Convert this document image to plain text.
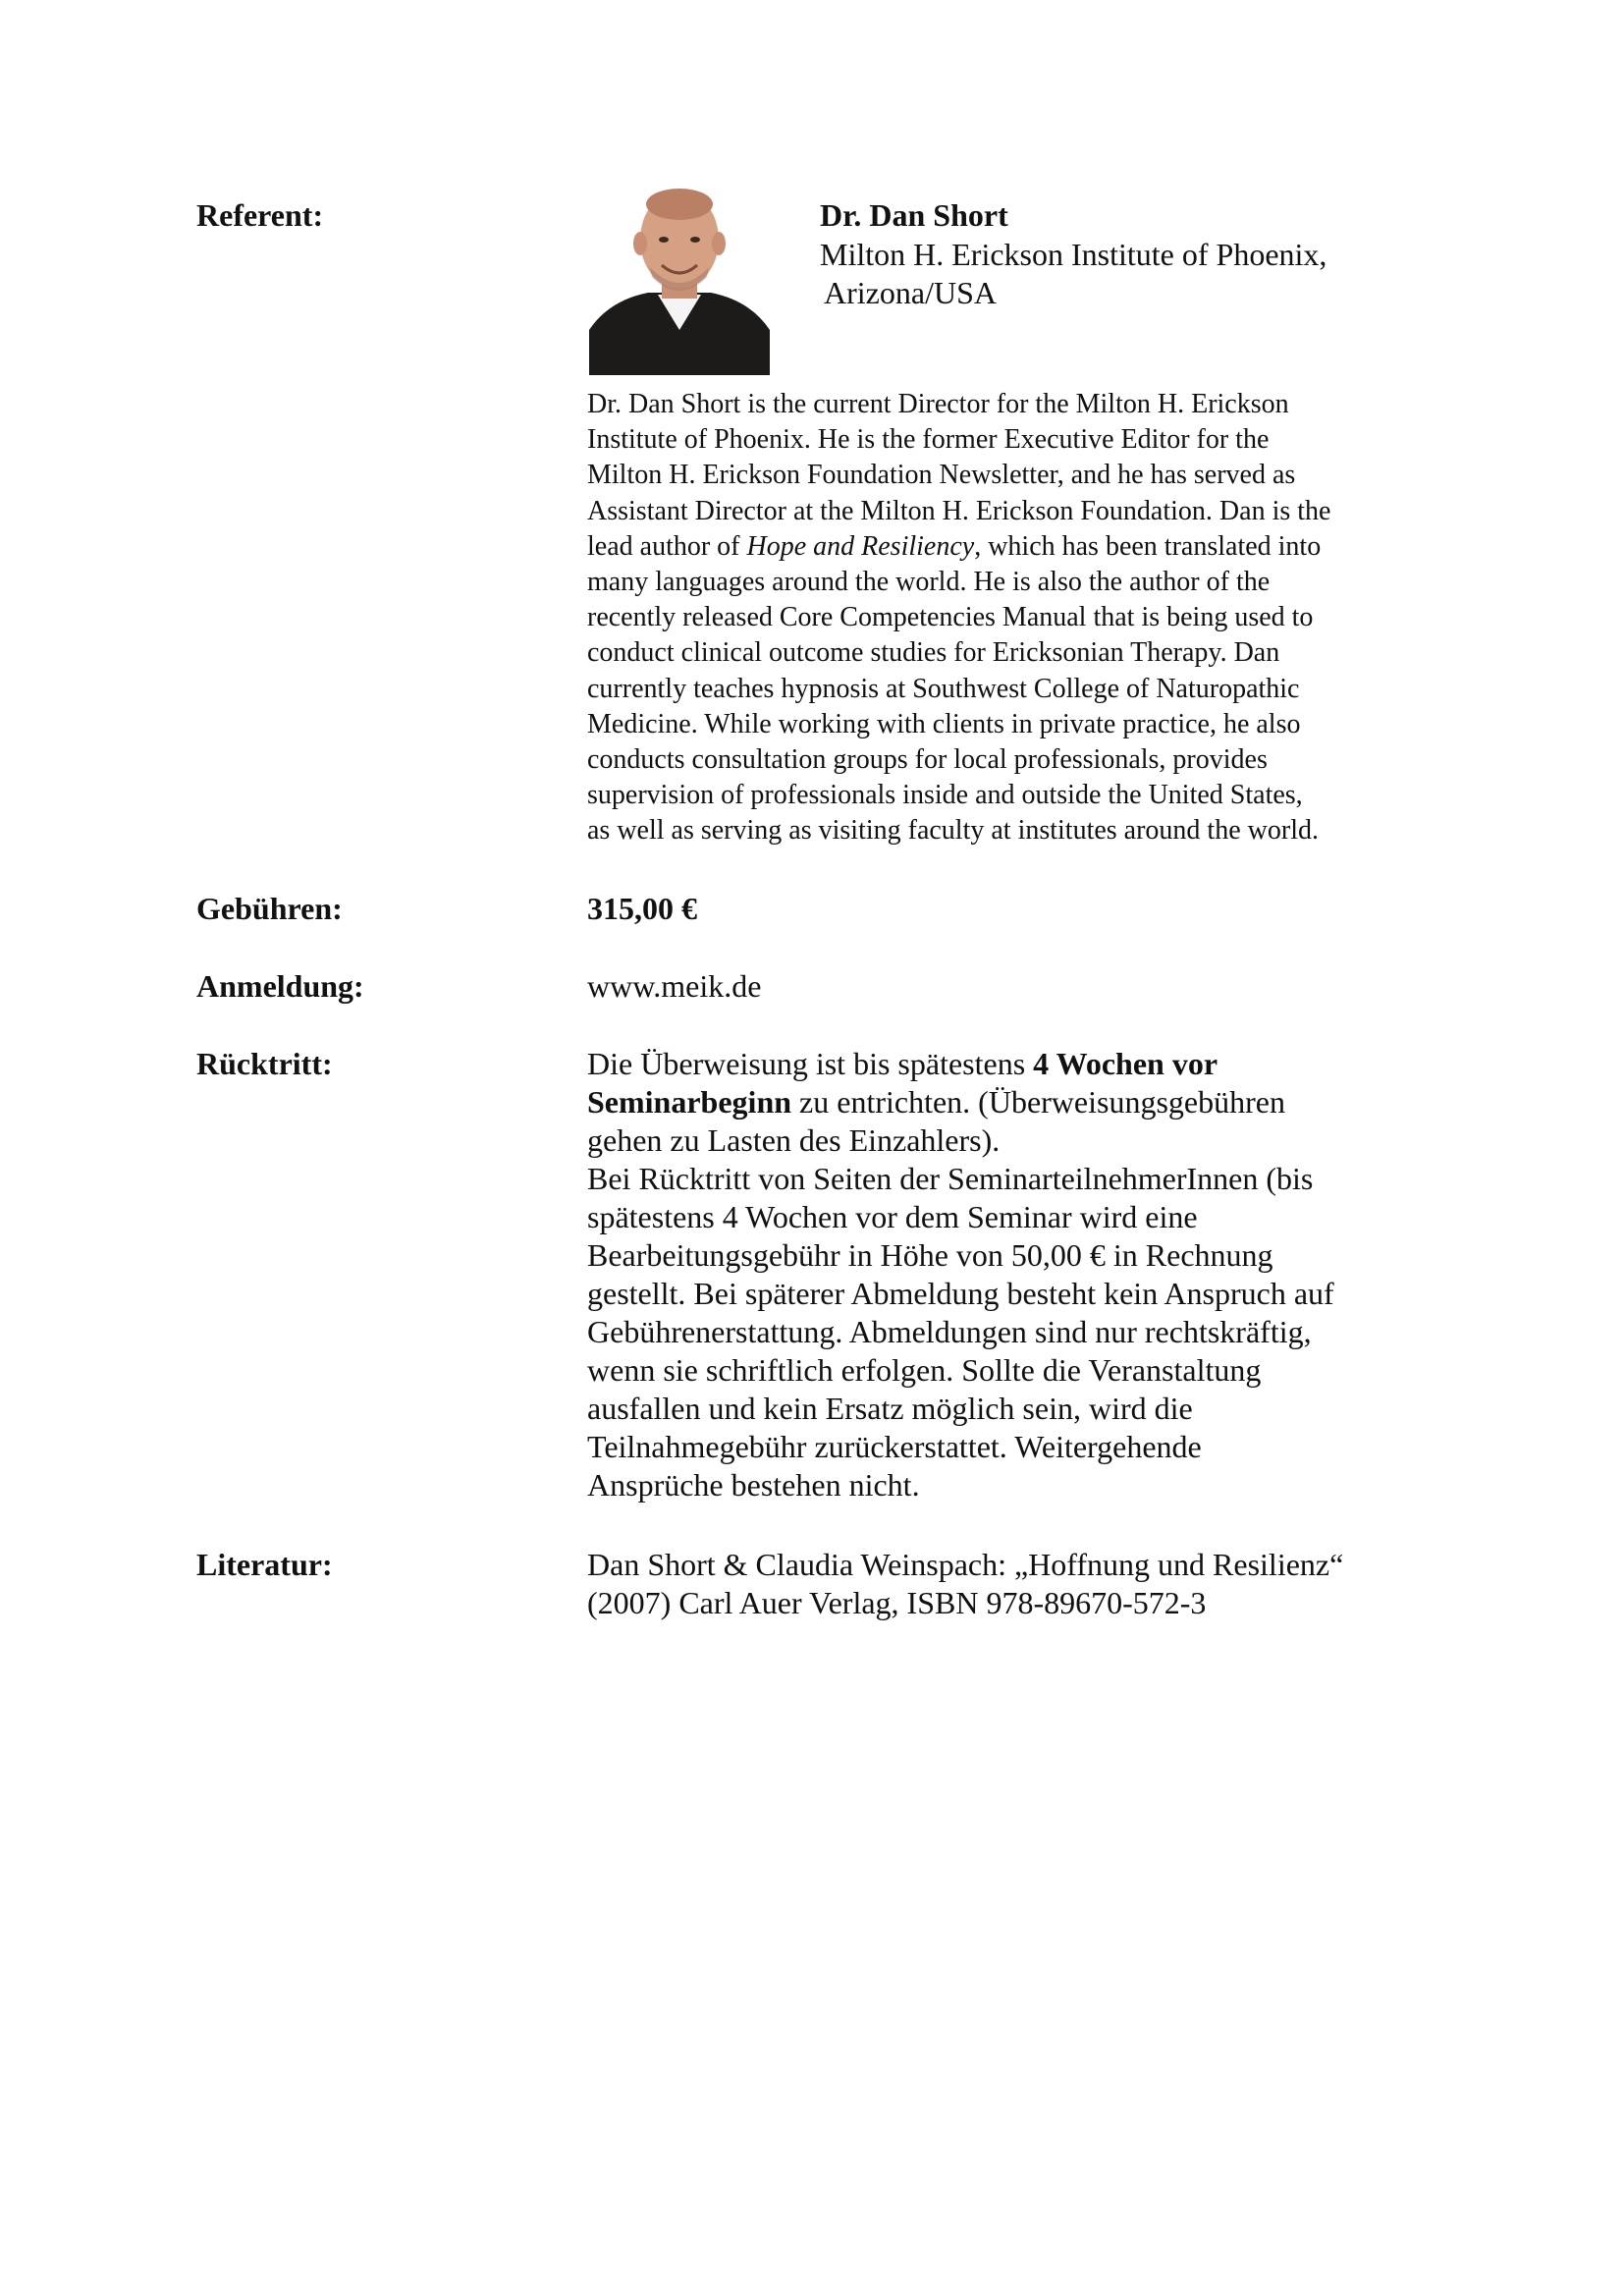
Referent:	Dr. Dan Short
Milton H. Erickson Institute of Phoenix,
Arizona/USA
Dr. Dan Short is the current Director for the Milton H. Erickson
Institute of Phoenix. He is the former Executive Editor for the
Milton H. Erickson Foundation Newsletter, and he has served as
Assistant Director at the Milton H. Erickson Foundation. Dan is the
lead author of Hope and Resiliency, which has been translated into
many languages around the world. He is also the author of the
recently released Core Competencies Manual that is being used to
conduct clinical outcome studies for Ericksonian Therapy. Dan
currently teaches hypnosis at Southwest College of Naturopathic
Medicine. While working with clients in private practice, he also
conducts consultation groups for local professionals, provides
supervision of professionals inside and outside the United States,
as well as serving as visiting faculty at institutes around the world.
Gebühren:	315,00 €
Anmeldung:	www.meik.de
Rücktritt:	Die Überweisung ist bis spätestens 4 Wochen vor
Seminarbeginn zu entrichten. (Überweisungsgebühren
gehen zu Lasten des Einzahlers).
Bei Rücktritt von Seiten der SeminarteilnehmerInnen (bis
spätestens 4 Wochen vor dem Seminar wird eine
Bearbeitungsgebühr in Höhe von 50,00 € in Rechnung
gestellt. Bei späterer Abmeldung besteht kein Anspruch auf
Gebührenerstattung. Abmeldungen sind nur rechtskräftig,
wenn sie schriftlich erfolgen. Sollte die Veranstaltung
ausfallen und kein Ersatz möglich sein, wird die
Teilnahmegebühr zurückerstattet. Weitergehende
Ansprüche bestehen nicht.
Literatur:	Dan Short & Claudia Weinspach: „Hoffnung und Resilienz“
(2007) Carl Auer Verlag, ISBN 978-89670-572-3
